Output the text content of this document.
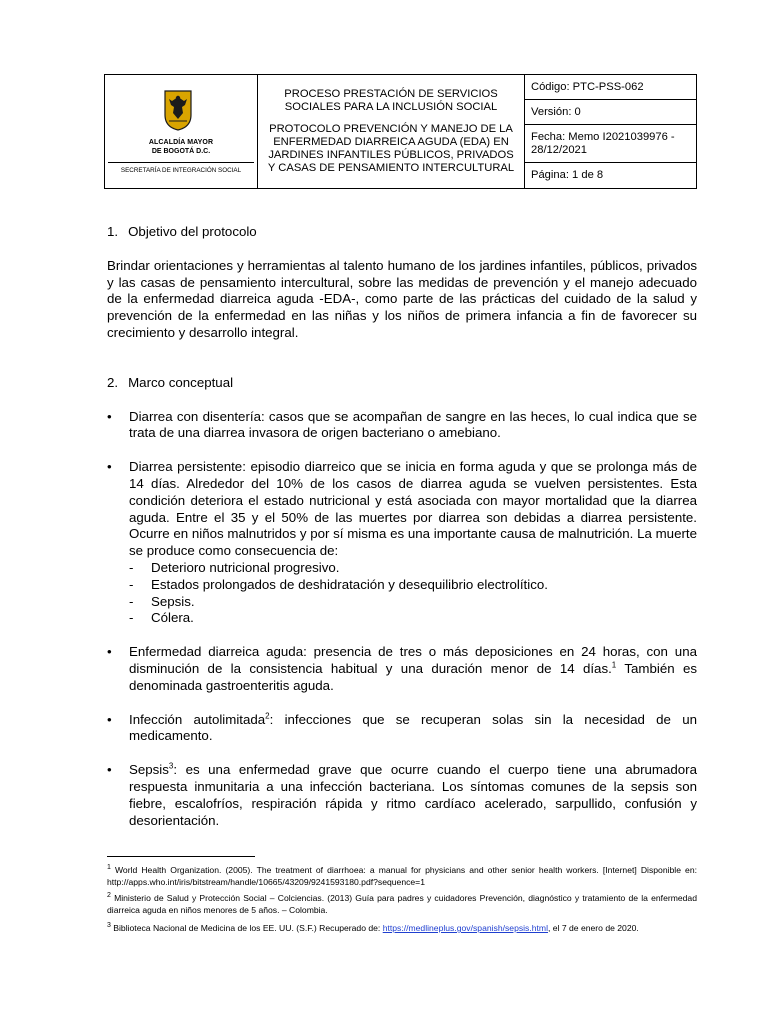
ALCALDÍA MAYOR
DE BOGOTÁ D.C.
SECRETARÍA DE INTEGRACIÓN SOCIAL
PROCESO PRESTACIÓN DE SERVICIOS SOCIALES PARA LA INCLUSIÓN SOCIAL
PROTOCOLO PREVENCIÓN Y MANEJO DE LA ENFERMEDAD DIARREICA AGUDA (EDA) EN JARDINES INFANTILES PÚBLICOS, PRIVADOS Y CASAS DE PENSAMIENTO INTERCULTURAL
Código: PTC-PSS-062
Versión: 0
Fecha: Memo I2021039976 - 28/12/2021
Página: 1 de 8

1. Objetivo del protocolo

Brindar orientaciones y herramientas al talento humano de los jardines infantiles, públicos, privados y las casas de pensamiento intercultural, sobre las medidas de prevención y el manejo adecuado de la enfermedad diarreica aguda -EDA-, como parte de las prácticas del cuidado de la salud y prevención de la enfermedad en las niñas y los niños de primera infancia a fin de favorecer su crecimiento y desarrollo integral.

2. Marco conceptual

• Diarrea con disentería: casos que se acompañan de sangre en las heces, lo cual indica que se trata de una diarrea invasora de origen bacteriano o amebiano.
• Diarrea persistente: episodio diarreico que se inicia en forma aguda y que se prolonga más de 14 días. Alrededor del 10% de los casos de diarrea aguda se vuelven persistentes. Esta condición deteriora el estado nutricional y está asociada con mayor mortalidad que la diarrea aguda. Entre el 35 y el 50% de las muertes por diarrea son debidas a diarrea persistente. Ocurre en niños malnutridos y por sí misma es una importante causa de malnutrición. La muerte se produce como consecuencia de:
- Deterioro nutricional progresivo.
- Estados prolongados de deshidratación y desequilibrio electrolítico.
- Sepsis.
- Cólera.
• Enfermedad diarreica aguda: presencia de tres o más deposiciones en 24 horas, con una disminución de la consistencia habitual y una duración menor de 14 días.$^1$ También es denominada gastroenteritis aguda.
• Infección autolimitada$^2$: infecciones que se recuperan solas sin la necesidad de un medicamento.
• Sepsis$^3$: es una enfermedad grave que ocurre cuando el cuerpo tiene una abrumadora respuesta inmunitaria a una infección bacteriana. Los síntomas comunes de la sepsis son fiebre, escalofríos, respiración rápida y ritmo cardíaco acelerado, sarpullido, confusión y desorientación.
$^1$ World Health Organization. (2005). The treatment of diarrhoea: a manual for physicians and other senior health workers. [Internet] Disponible en: http://apps.who.int/iris/bitstream/handle/10665/43209/9241593180.pdf?sequence=1
$^2$ Ministerio de Salud y Protección Social – Colciencias. (2013) Guía para padres y cuidadores Prevención, diagnóstico y tratamiento de la enfermedad diarreica aguda en niños menores de 5 años. – Colombia.
$^3$ Biblioteca Nacional de Medicina de los EE. UU. (S.F.) Recuperado de: https://medlineplus.gov/spanish/sepsis.html, el 7 de enero de 2020.
